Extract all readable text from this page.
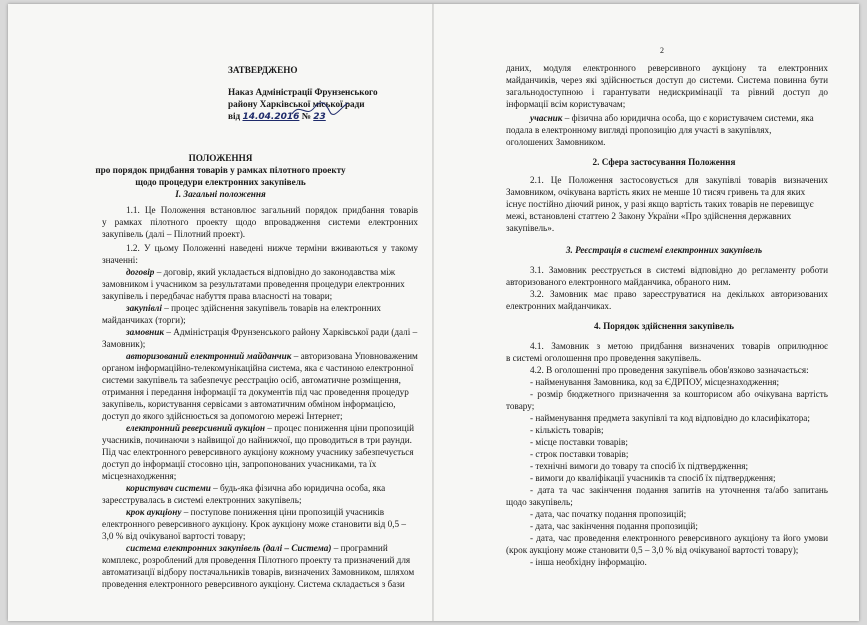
ЗАТВЕРДЖЕНО
Наказ Адміністрації Фрунзенського
району Харківської міської ради
від 14.04.2016 № 23
ПОЛОЖЕННЯ
про порядок придбання товарів у рамках пілотного проекту
щодо процедури електронних закупівель
І. Загальні положення
1.1. Це Положення встановлює загальний порядок придбання товарів
у рамках пілотного проекту щодо впровадження системи електронних
закупівель (далі – Пілотний проект).
1.2. У цьому Положенні наведені нижче терміни вживаються у такому
значенні:
договір – договір, який укладається відповідно до законодавства між
замовником і учасником за результатами проведення процедури електронних
закупівель і передбачає набуття права власності на товари;
закупівлі – процес здійснення закупівель товарів на електронних
майданчиках (торги);
замовник – Адміністрація Фрунзенського району Харківської ради (далі –
Замовник);
авторизований електронний майданчик – авторизована Уповноваженим
органом інформаційно-телекомунікаційна система, яка є частиною електронної
системи закупівель та забезпечує реєстрацію осіб, автоматичне розміщення,
отримання і передання інформації та документів під час проведення процедур
закупівель, користування сервісами з автоматичним обміном інформацією,
доступ до якого здійснюється за допомогою мережі Інтернет;
електронний реверсивний аукціон – процес пониження ціни пропозицій
учасників, починаючи з найвищої до найнижчої, що проводиться в три раунди.
Під час електронного реверсивного аукціону кожному учаснику забезпечується
доступ до інформації стосовно цін, запропонованих учасниками, та їх
місцезнаходження;
користувач системи – будь-яка фізична або юридична особа, яка
зареєструвалась в системі електронних закупівель;
крок аукціону – поступове пониження ціни пропозицій учасників
електронного реверсивного аукціону. Крок аукціону може становити від 0,5 –
3,0 % від очікуваної вартості товару;
система електронних закупівель (далі – Система) – програмний
комплекс, розроблений для проведення Пілотного проекту та призначений для
автоматизації відбору постачальників товарів, визначених Замовником, шляхом
проведення електронного реверсивного аукціону. Система складається з бази
2
даних, модуля електронного реверсивного аукціону та електронних
майданчиків, через які здійснюється доступ до системи. Система повинна бути
загальнодоступною і гарантувати недискримінації та рівний доступ до
інформації всім користувачам;
учасник – фізична або юридична особа, що є користувачем системи, яка
подала в електронному вигляді пропозицію для участі в закупівлях,
оголошених Замовником.
2. Сфера застосування Положення
2.1. Це Положення застосовується для закупівлі товарів визначених
Замовником, очікувана вартість яких не менше 10 тисяч гривень та для яких
існує постійно діючий ринок, у разі якщо вартість таких товарів не перевищує
межі, встановлені статтею 2 Закону України «Про здійснення державних
закупівель».
3. Реєстрація в системі електронних закупівель
3.1. Замовник реєструється в системі відповідно до регламенту роботи
авторизованого електронного майданчика, обраного ним.
3.2. Замовник має право зареєструватися на декількох авторизованих
електронних майданчиках.
4. Порядок здійснення закупівель
4.1. Замовник з метою придбання визначених товарів оприлюднює
в системі оголошення про проведення закупівель.
4.2. В оголошенні про проведення закупівель обов'язково зазначається:
- найменування Замовника, код за ЄДРПОУ, місцезнаходження;
- розмір бюджетного призначення за кошторисом або очікувана вартість
товару;
- найменування предмета закупівлі та код відповідно до класифікатора;
- кількість товарів;
- місце поставки товарів;
- строк поставки товарів;
- технічні вимоги до товару та спосіб їх підтвердження;
- вимоги до кваліфікації учасників та спосіб їх підтвердження;
- дата та час закінчення подання запитів на уточнення та/або запитань
щодо закупівель;
- дата, час початку подання пропозицій;
- дата, час закінчення подання пропозицій;
- дата, час проведення електронного реверсивного аукціону та його умови
(крок аукціону може становити 0,5 – 3,0 % від очікуваної вартості товару);
- інша необхідну інформацію.
